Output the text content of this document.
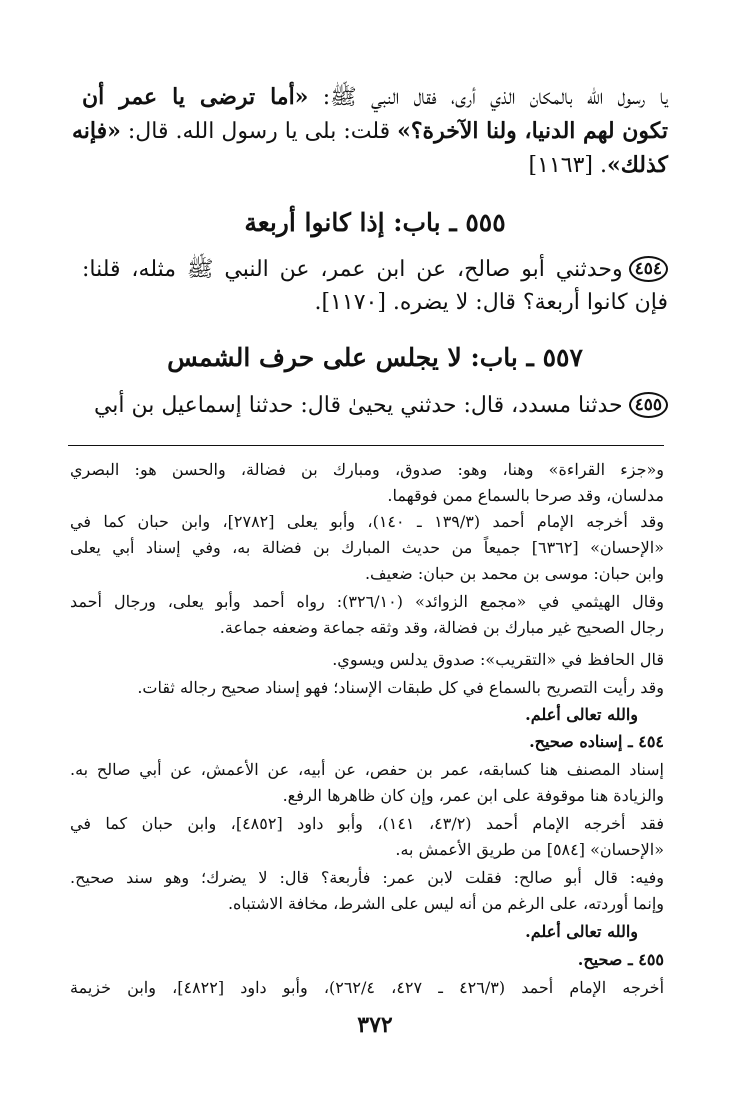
يا رسول الله بالمكان الذي أرى، فقال النبي ﷺ: «أما ترضى يا عمر أن
تكون لهم الدنيا، ولنا الآخرة؟» قلت: بلى يا رسول الله. قال: «فإنه
كذلك». [١١٦٣]
٥٥٥ ـ باب: إذا كانوا أربعة
٤٥٤وحدثني أبو صالح، عن ابن عمر، عن النبي ﷺ مثله، قلنا:
فإن كانوا أربعة؟ قال: لا يضره. [١١٧٠].
٥٥٧ ـ باب: لا يجلس على حرف الشمس
٤٥٥حدثنا مسدد، قال: حدثني يحيىٰ قال: حدثنا إسماعيل بن أبي
و«جزء القراءة» وهنا، وهو: صدوق، ومبارك بن فضالة، والحسن هو: البصري
مدلسان، وقد صرحا بالسماع ممن فوقهما.
وقد أخرجه الإمام أحمد (١٣٩/٣ ـ ١٤٠)، وأبو يعلى [٢٧٨٢]، وابن حبان كما في
«الإحسان» [٦٣٦٢] جميعاً من حديث المبارك بن فضالة به، وفي إسناد أبي يعلى
وابن حبان: موسى بن محمد بن حبان: ضعيف.
وقال الهيثمي في «مجمع الزوائد» (٣٢٦/١٠): رواه أحمد وأبو يعلى، ورجال أحمد
رجال الصحيح غير مبارك بن فضالة، وقد وثقه جماعة وضعفه جماعة.
قال الحافظ في «التقريب»: صدوق يدلس ويسوي.
وقد رأيت التصريح بالسماع في كل طبقات الإسناد؛ فهو إسناد صحيح رجاله ثقات.
والله تعالى أعلم.
٤٥٤ ـ إسناده صحيح.
إسناد المصنف هنا كسابقه، عمر بن حفص، عن أبيه، عن الأعمش، عن أبي صالح به.
والزيادة هنا موقوفة على ابن عمر، وإن كان ظاهرها الرفع.
فقد أخرجه الإمام أحمد (٤٣/٢، ١٤١)، وأبو داود [٤٨٥٢]، وابن حبان كما في
«الإحسان» [٥٨٤] من طريق الأعمش به.
وفيه: قال أبو صالح: فقلت لابن عمر: فأربعة؟ قال: لا يضرك؛ وهو سند صحيح.
وإنما أوردته، على الرغم من أنه ليس على الشرط، مخافة الاشتباه.
والله تعالى أعلم.
٤٥٥ ـ صحيح.
أخرجه الإمام أحمد (٤٢٦/٣ ـ ٤٢٧، ٢٦٢/٤)، وأبو داود [٤٨٢٢]، وابن خزيمة
٣٧٢
